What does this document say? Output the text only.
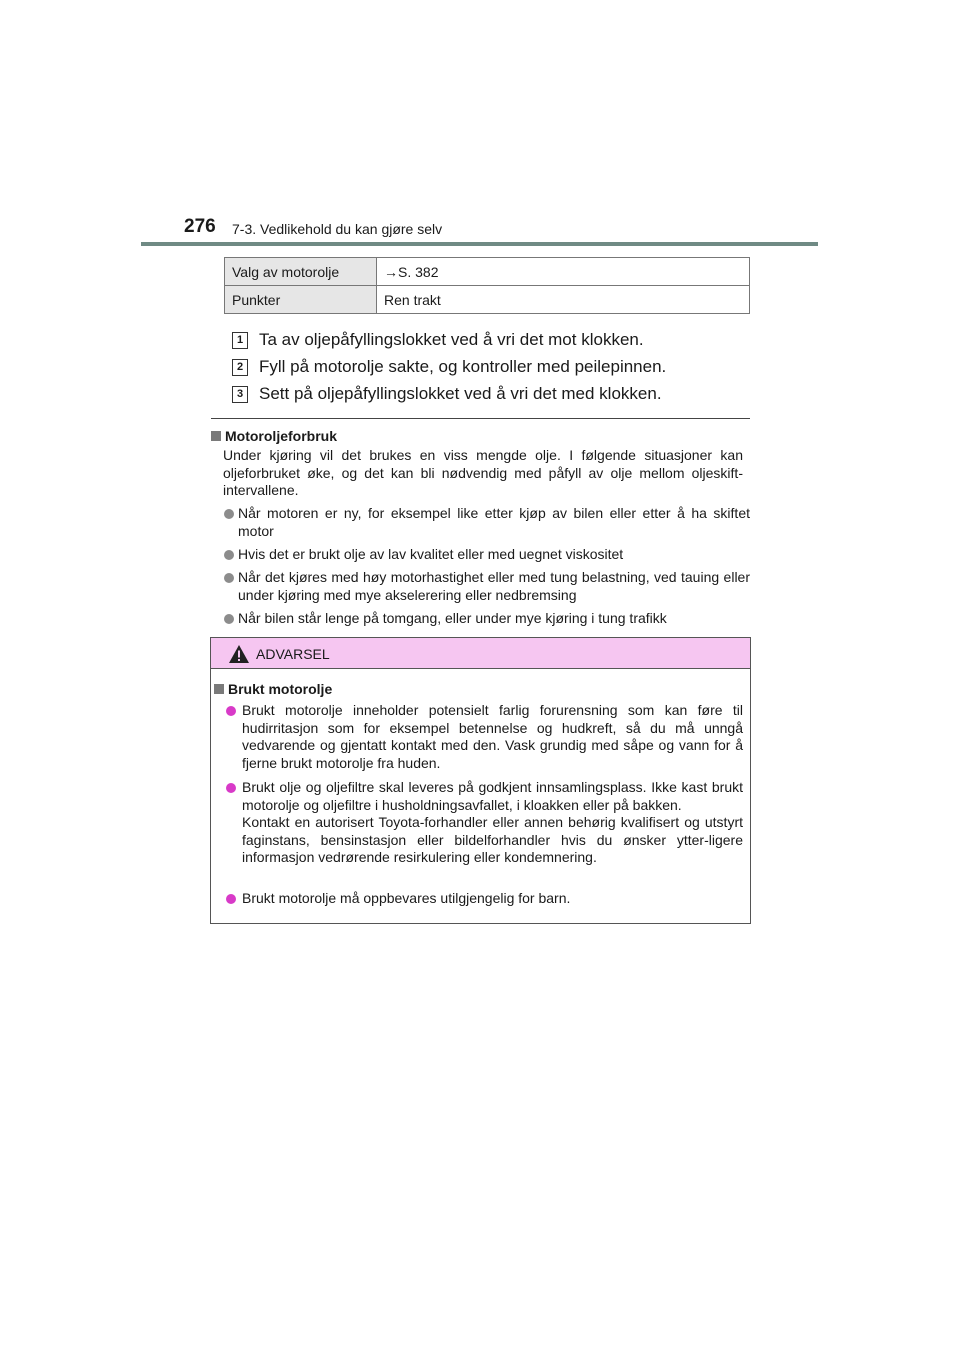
276 7-3. Vedlikehold du kan gjøre selv
Valg av motorolje	→S. 382
Punkter	Ren trakt
1 Ta av oljepåfyllingslokket ved å vri det mot klokken.
2 Fyll på motorolje sakte, og kontroller med peilepinnen.
3 Sett på oljepåfyllingslokket ved å vri det med klokken.
Motoroljeforbruk
Under kjøring vil det brukes en viss mengde olje. I følgende situasjoner kan oljeforbruket øke, og det kan bli nødvendig med påfyll av olje mellom oljeskift-intervallene.
Når motoren er ny, for eksempel like etter kjøp av bilen eller etter å ha skiftet motor
Hvis det er brukt olje av lav kvalitet eller med uegnet viskositet
Når det kjøres med høy motorhastighet eller med tung belastning, ved tauing eller under kjøring med mye akselerering eller nedbremsing
Når bilen står lenge på tomgang, eller under mye kjøring i tung trafikk
ADVARSEL
Brukt motorolje
Brukt motorolje inneholder potensielt farlig forurensning som kan føre til hudirritasjon som for eksempel betennelse og hudkreft, så du må unngå vedvarende og gjentatt kontakt med den. Vask grundig med såpe og vann for å fjerne brukt motorolje fra huden.
Brukt olje og oljefiltre skal leveres på godkjent innsamlingsplass. Ikke kast brukt motorolje og oljefiltre i husholdningsavfallet, i kloakken eller på bakken.
Kontakt en autorisert Toyota-forhandler eller annen behørig kvalifisert og utstyrt faginstans, bensinstasjon eller bildelforhandler hvis du ønsker ytter-ligere informasjon vedrørende resirkulering eller kondemnering.
Brukt motorolje må oppbevares utilgjengelig for barn.
